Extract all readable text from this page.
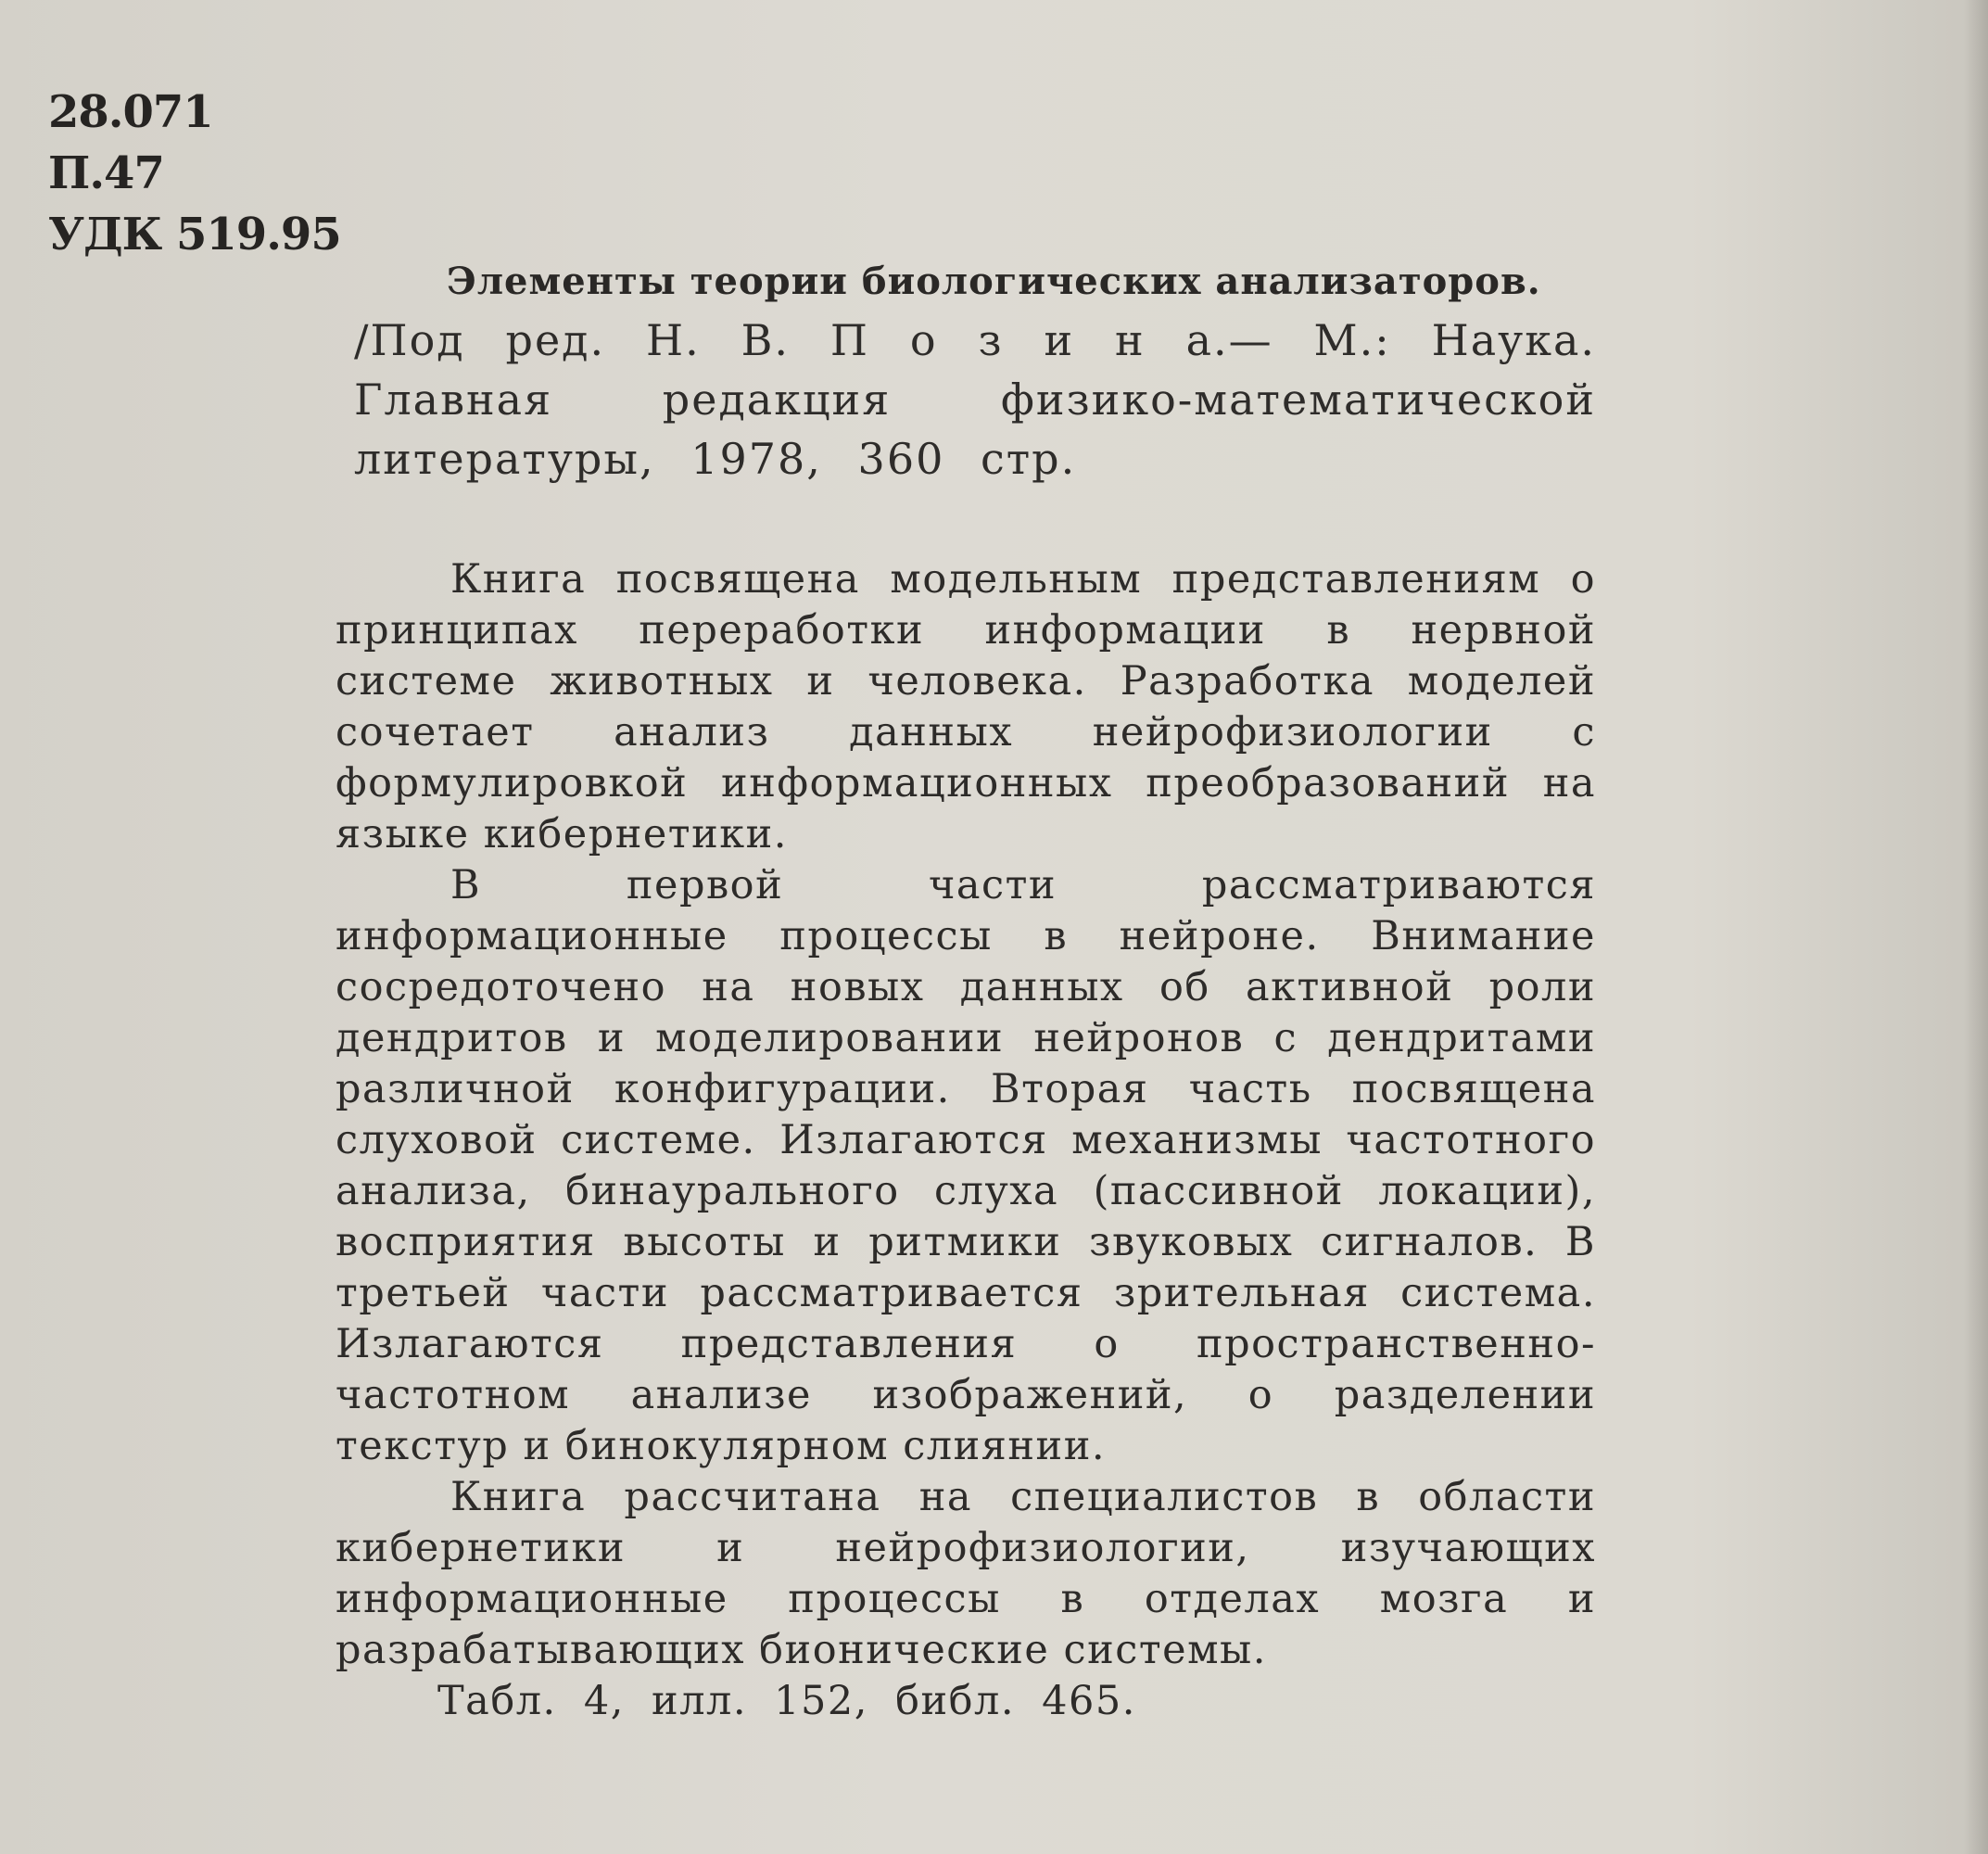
28.071
П.47
УДК 519.95
Элементы теории биологических анализаторов.
/Под ред. Н. В. П о з и н а.— М.: Наука. Главная редакция физико-математической литературы, 1978, 360 стр.

Книга посвящена модельным представлениям о принципах переработки информации в нервной системе животных и человека. Разработка моделей сочетает анализ данных нейрофизиологии с формулировкой информационных преобразований на языке кибернетики.

В первой части рассматриваются информационные процессы в нейроне. Внимание сосредоточено на новых данных об активной роли дендритов и моделировании нейронов с дендритами различной конфигурации. Вторая часть посвящена слуховой системе. Излагаются механизмы частотного анализа, бинаурального слуха (пассивной локации), восприятия высоты и ритмики звуковых сигналов. В третьей части рассматривается зрительная система. Излагаются представления о пространственно-частотном анализе изображений, о разделении текстур и бинокулярном слиянии.

Книга рассчитана на специалистов в области кибернетики и нейрофизиологии, изучающих информационные процессы в отделах мозга и разрабатывающих бионические системы.

Табл. 4, илл. 152, библ. 465.
